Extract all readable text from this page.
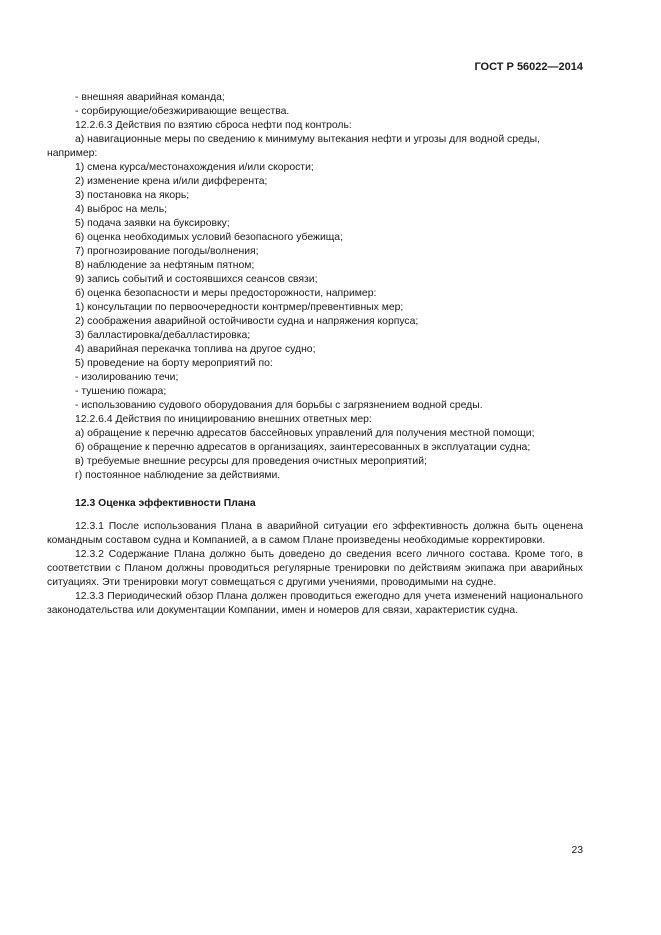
ГОСТ Р 56022—2014

- внешняя аварийная команда;

- сорбирующие/обезжиривающие вещества.

12.2.6.3 Действия по взятию сброса нефти под контроль:

а) навигационные меры по сведению к минимуму вытекания нефти и угрозы для водной среды, например:

1) смена курса/местонахождения и/или скорости;

2) изменение крена и/или дифферента;

3) постановка на якорь;

4) выброс на мель;

5) подача заявки на буксировку;

6) оценка необходимых условий безопасного убежища;

7) прогнозирование погоды/волнения;

8) наблюдение за нефтяным пятном;

9) запись событий и состоявшихся сеансов связи;

б) оценка безопасности и меры предосторожности, например:

1) консультации по первоочередности контрмер/превентивных мер;

2) соображения аварийной остойчивости судна и напряжения корпуса;

3) балластировка/дебалластировка;

4) аварийная перекачка топлива на другое судно;

5) проведение на борту мероприятий по:

- изолированию течи;

- тушению пожара;

- использованию судового оборудования для борьбы с загрязнением водной среды.

12.2.6.4 Действия по инициированию внешних ответных мер:

а) обращение к перечню адресатов бассейновых управлений для получения местной помощи;

б) обращение к перечню адресатов в организациях, заинтересованных в эксплуатации судна;

в) требуемые внешние ресурсы для проведения очистных мероприятий;

г) постоянное наблюдение за действиями.

12.3 Оценка эффективности Плана

12.3.1 После использования Плана в аварийной ситуации его эффективность должна быть оценена командным составом судна и Компанией, а в самом Плане произведены необходимые корректировки.

12.3.2 Содержание Плана должно быть доведено до сведения всего личного состава. Кроме того, в соответствии с Планом должны проводиться регулярные тренировки по действиям экипажа при аварийных ситуациях. Эти тренировки могут совмещаться с другими учениями, проводимыми на судне.

12.3.3 Периодический обзор Плана должен проводиться ежегодно для учета изменений национального законодательства или документации Компании, имен и номеров для связи, характеристик судна.

23
